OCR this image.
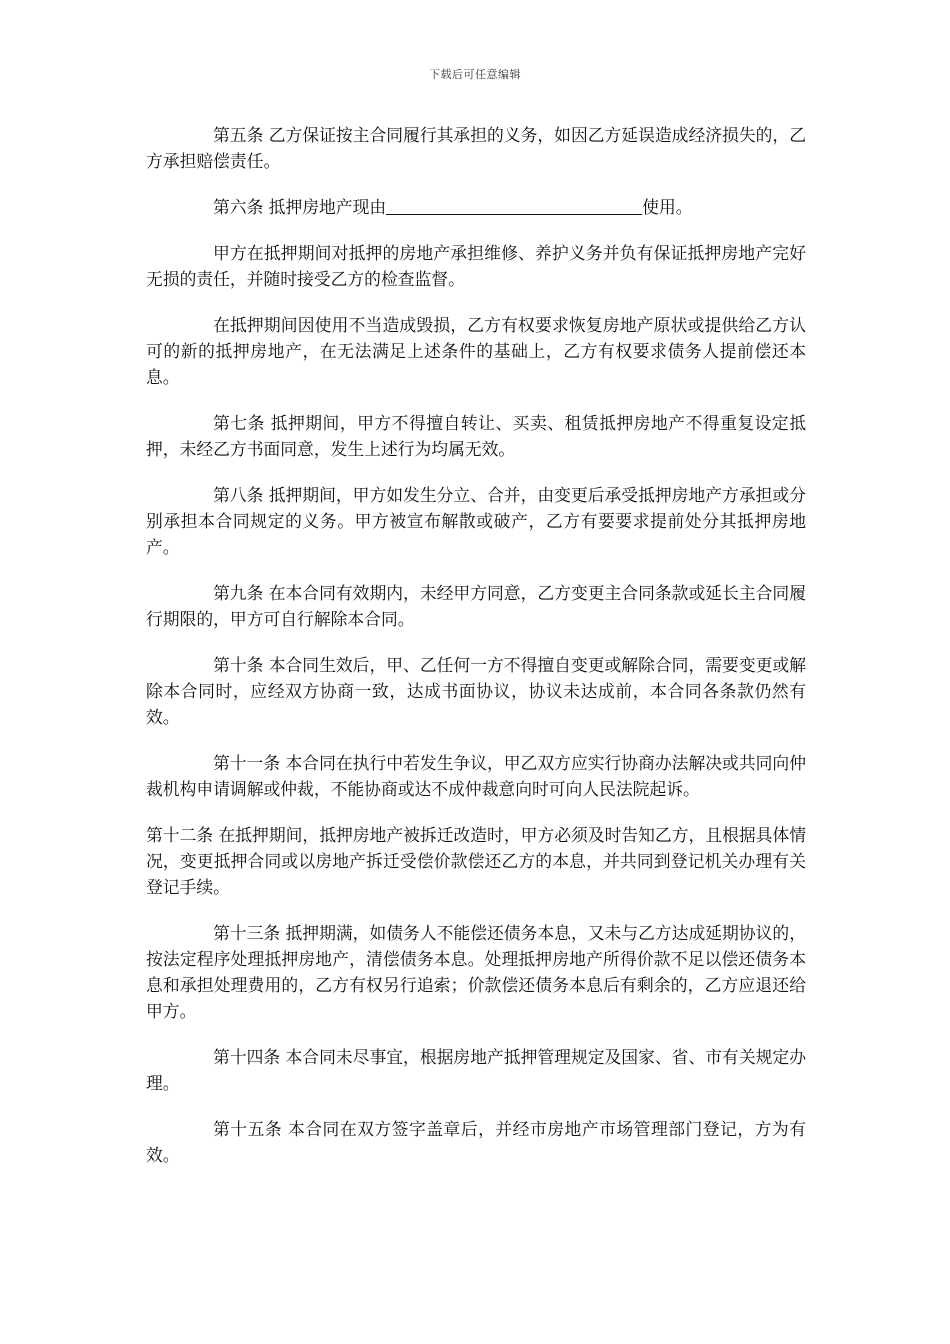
下载后可任意编辑

第五条 乙方保证按主合同履行其承担的义务，如因乙方延误造成经济损失的，乙方承担赔偿责任。

第六条 抵押房地产现由	使用。

甲方在抵押期间对抵押的房地产承担维修、养护义务并负有保证抵押房地产完好无损的责任，并随时接受乙方的检查监督。

在抵押期间因使用不当造成毁损，乙方有权要求恢复房地产原状或提供给乙方认可的新的抵押房地产，在无法满足上述条件的基础上，乙方有权要求债务人提前偿还本息。

第七条 抵押期间，甲方不得擅自转让、买卖、租赁抵押房地产不得重复设定抵押，未经乙方书面同意，发生上述行为均属无效。

第八条 抵押期间，甲方如发生分立、合并，由变更后承受抵押房地产方承担或分别承担本合同规定的义务。甲方被宣布解散或破产，乙方有要要求提前处分其抵押房地产。

第九条 在本合同有效期内，未经甲方同意，乙方变更主合同条款或延长主合同履行期限的，甲方可自行解除本合同。

第十条 本合同生效后，甲、乙任何一方不得擅自变更或解除合同，需要变更或解除本合同时，应经双方协商一致，达成书面协议，协议未达成前，本合同各条款仍然有效。

第十一条 本合同在执行中若发生争议，甲乙双方应实行协商办法解决或共同向仲裁机构申请调解或仲裁，不能协商或达不成仲裁意向时可向人民法院起诉。

第十二条 在抵押期间，抵押房地产被拆迁改造时，甲方必须及时告知乙方，且根据具体情况，变更抵押合同或以房地产拆迁受偿价款偿还乙方的本息，并共同到登记机关办理有关登记手续。

第十三条 抵押期满，如债务人不能偿还债务本息，又未与乙方达成延期协议的，按法定程序处理抵押房地产，清偿债务本息。处理抵押房地产所得价款不足以偿还债务本息和承担处理费用的，乙方有权另行追索；价款偿还债务本息后有剩余的，乙方应退还给甲方。

第十四条 本合同未尽事宜，根据房地产抵押管理规定及国家、省、市有关规定办理。

第十五条 本合同在双方签字盖章后，并经市房地产市场管理部门登记，方为有效。
